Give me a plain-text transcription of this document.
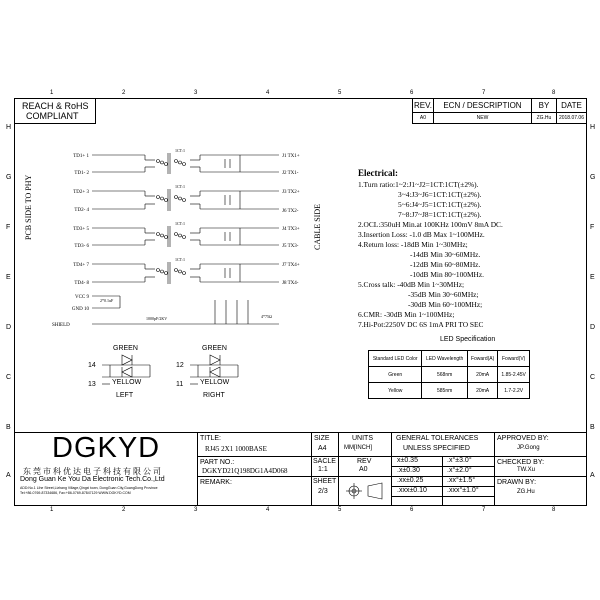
1	2	3	4	5	6	7	8
1	2	3	4	5	6	7	8
H
G
F
E
D
C
B
A
H
G
F
E
D
C
B
A
REACH & RoHS
COMPLIANT
REV.	ECN / DESCRIPTION	BY	DATE
A0	NEW	ZG.Hu	2018.07.06
TD1+ 1
TD1- 2
TD2+ 3
TD2- 4
TD3+ 5
TD3- 6
TD4+ 7
TD4- 8
VCC 9
GND 10
J1 TX1+
J2 TX1-
J3 TX2+
J6 TX2-
J4 TX3+
J5 TX3-
J7 TX4+
J8 TX4-
1CT:1
1CT:1
1CT:1
1CT:1
2*0.1uF
SHIELD
1000pF/2KV	4*75Ω
PCB SIDE TO PHY	CABLE SIDE
GREEN
14
13 YELLOW
LEFT
GREEN
12
11 YELLOW
RIGHT
Electrical:
1.Turn ratio:1~2:J1~J2=1CT:1CT(±2%).
3~4:J3~J6=1CT:1CT(±2%).
5~6:J4~J5=1CT:1CT(±2%).
7~8:J7~J8=1CT:1CT(±2%).
2.OCL:350uH Min.at 100KHz 100mV 8mA DC.
3.Insertion Loss: -1.0 dB Max 1~100MHz.
4.Return loss: -18dB Min 1~30MHz;
-14dB Min 30~60MHz.
-12dB Min 60~80MHz.
-10dB Min 80~100MHz.
5.Cross talk: -40dB Min 1~30MHz;
-35dB Min 30~60MHz;
-30dB Min 60~100MHz;
6.CMR: -30dB Min 1~100MHz;
7.Hi-Pot:2250V DC 6S 1mA PRI TO SEC
LED Specification
Standard LED Color	LED Wavelength	Foward(A)	Foward(V)
Green	568nm	20mA	1.85-2.45V
Yellow	585nm	20mA	1.7-2.2V
DGKYD
东莞市科优达电子科技有限公司
Dong Guan Ke You Da Electronic Tech.Co.,Ltd
ADD:No.1 Lihe Street,Lizhang Village,Qingxi town, DongGuan City,GuangDong Province
Tel:+86-0769-87334686, Fax:+86-0769-87847129 WWW.DGKYD.COM
TITLE:
RJ45 2X1 1000BASE
PART NO.:
DGKYD21Q198DG1A4D068
REMARK:
SIZE
A4
SACLE
1:1
SHEET
2/3
UNITS
MM[INCH]
REV
A0
GENERAL TOLERANCES
UNLESS SPECIFIED
x±0.35	.x°±3.0°
.x±0.30	.x°±2.0°
.xx±0.25	.xx°±1.5°
.xxx±0.10	.xxx°±1.0°
APPROVED BY:
JP.Gong
CHECKED BY:
TW.Xu
DRAWN BY:
ZG.Hu
